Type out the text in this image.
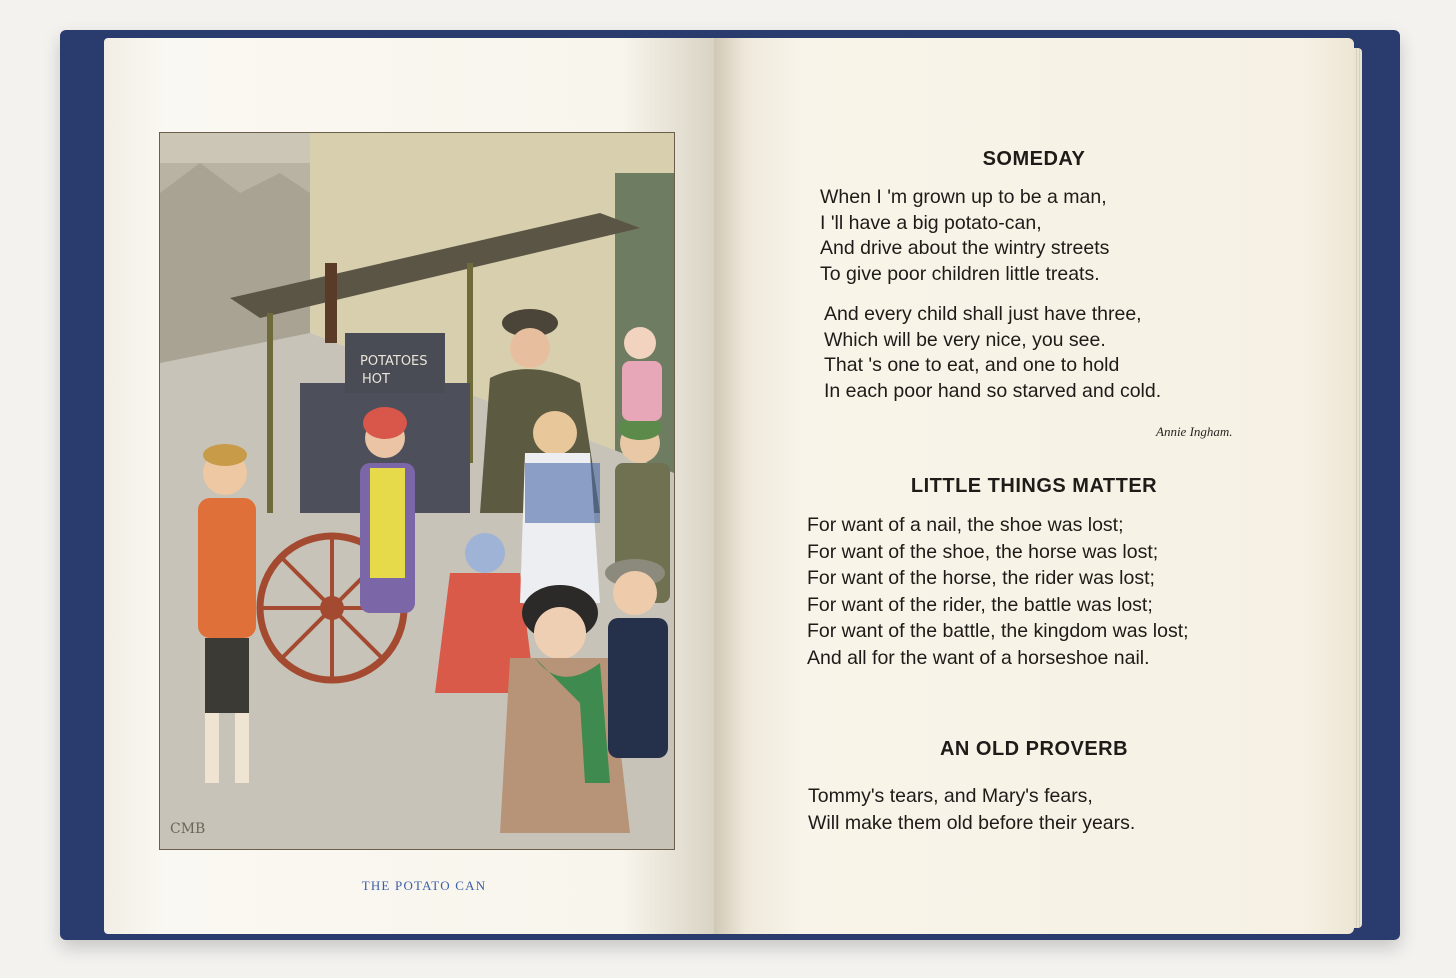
POTATOES
HOT
CMB
THE POTATO CAN
SOMEDAY
When I 'm grown up to be a man,
I 'll have a big potato-can,
And drive about the wintry streets
To give poor children little treats.
And every child shall just have three,
Which will be very nice, you see.
That 's one to eat, and one to hold
In each poor hand so starved and cold.
Annie Ingham.
LITTLE THINGS MATTER
For want of a nail, the shoe was lost;
For want of the shoe, the horse was lost;
For want of the horse, the rider was lost;
For want of the rider, the battle was lost;
For want of the battle, the kingdom was lost;
And all for the want of a horseshoe nail.
AN OLD PROVERB
Tommy's tears, and Mary's fears,
Will make them old before their years.
